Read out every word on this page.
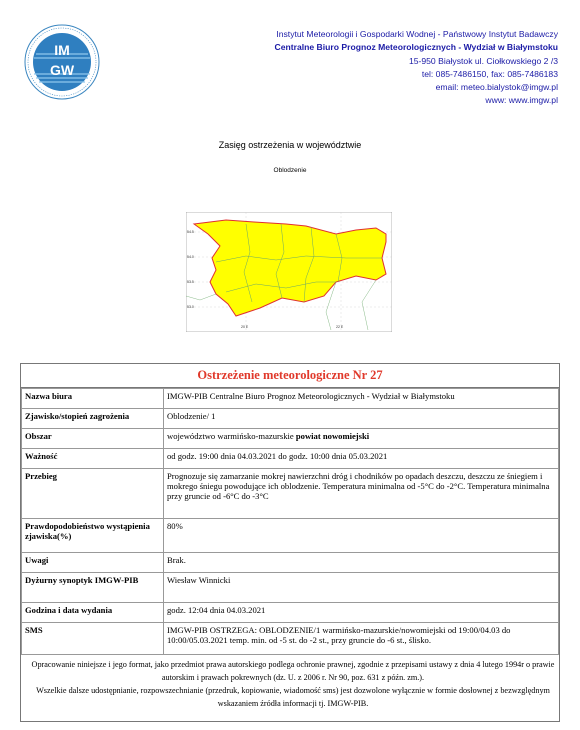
IM
GW
Instytut Meteorologii i Gospodarki Wodnej - Państwowy Instytut Badawczy
Centralne Biuro Prognoz Meteorologicznych - Wydział w Białymstoku
15-950 Białystok ul. Ciołkowskiego 2 /3
tel: 085-7486150, fax: 085-7486183
email: meteo.bialystok@imgw.pl
www: www.imgw.pl
Zasięg ostrzeżenia w województwie
Oblodzenie
54.5
54.0
53.5
53.0
20 E	22 E
Ostrzeżenie meteorologiczne Nr 27
Nazwa biura	IMGW-PIB Centralne Biuro Prognoz Meteorologicznych - Wydział w Białymstoku
Zjawisko/stopień zagrożenia	Oblodzenie/ 1
Obszar	województwo warmińsko-mazurskie powiat nowomiejski
Ważność	od godz. 19:00 dnia 04.03.2021 do godz. 10:00 dnia 05.03.2021
Przebieg	Prognozuje się zamarzanie mokrej nawierzchni dróg i chodników po opadach deszczu, deszczu ze śniegiem i mokrego śniegu powodujące ich oblodzenie. Temperatura minimalna od -5°C do -2°C. Temperatura minimalna przy gruncie od -6°C do -3°C
Prawdopodobieństwo wystąpienia zjawiska(%)	80%
Uwagi	Brak.
Dyżurny synoptyk IMGW-PIB	Wiesław Winnicki
Godzina i data wydania	godz. 12:04 dnia 04.03.2021
SMS	IMGW-PIB OSTRZEGA: OBLODZENIE/1 warmińsko-mazurskie/nowomiejski od 19:00/04.03 do 10:00/05.03.2021 temp. min. od -5 st. do -2 st., przy gruncie do -6 st., ślisko.

Opracowanie niniejsze i jego format, jako przedmiot prawa autorskiego podlega ochronie prawnej, zgodnie z przepisami ustawy z dnia 4 lutego 1994r o prawie autorskim i prawach pokrewnych (dz. U. z 2006 r. Nr 90, poz. 631 z późn. zm.).

Wszelkie dalsze udostępnianie, rozpowszechnianie (przedruk, kopiowanie, wiadomość sms) jest dozwolone wyłącznie w formie dosłownej z bezwzględnym wskazaniem źródła informacji tj. IMGW-PIB.
